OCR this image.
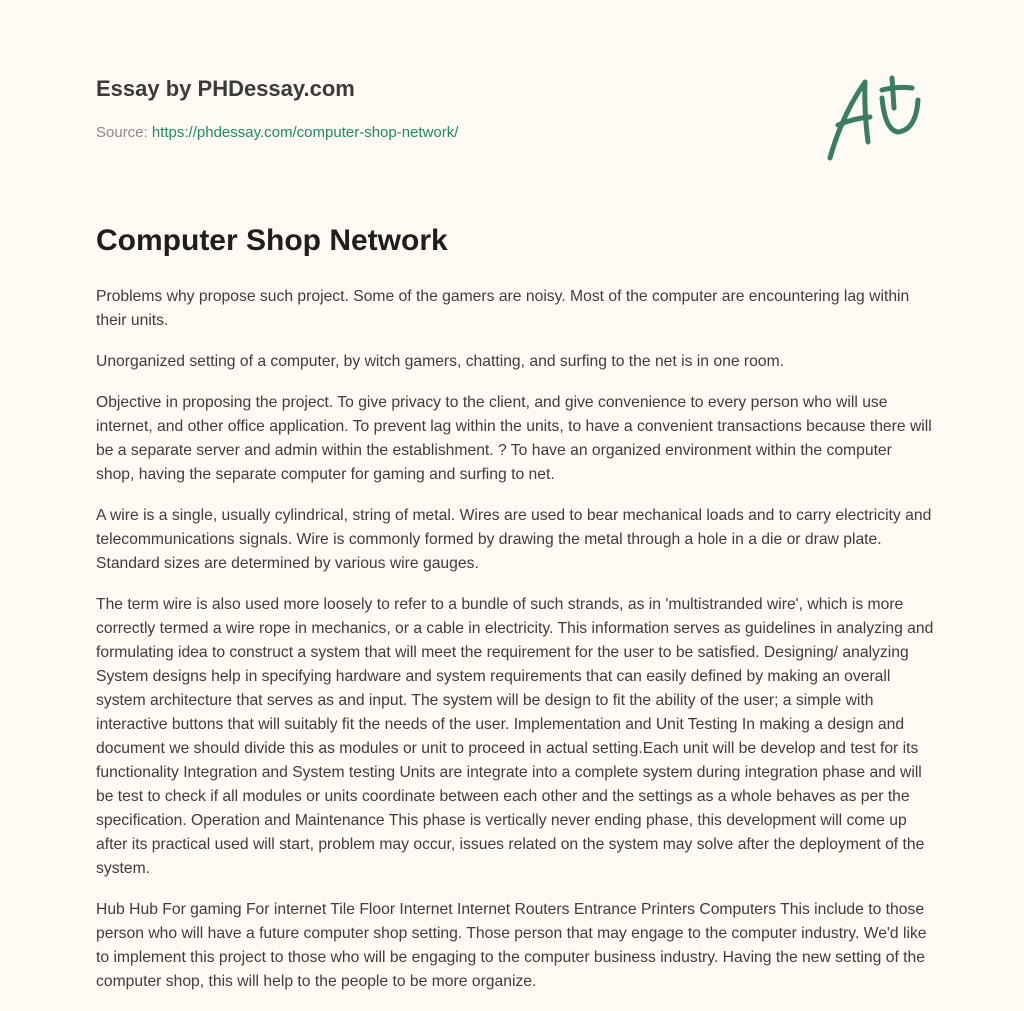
Essay by PHDessay.com
Source: https://phdessay.com/computer-shop-network/
Computer Shop Network

Problems why propose such project. Some of the gamers are noisy. Most of the computer are encountering lag within their units.

Unorganized setting of a computer, by witch gamers, chatting, and surfing to the net is in one room.

Objective in proposing the project. To give privacy to the client, and give convenience to every person who will use internet, and other office application. To prevent lag within the units, to have a convenient transactions because there will be a separate server and admin within the establishment. ? To have an organized environment within the computer shop, having the separate computer for gaming and surfing to net.

A wire is a single, usually cylindrical, string of metal. Wires are used to bear mechanical loads and to carry electricity and telecommunications signals. Wire is commonly formed by drawing the metal through a hole in a die or draw plate. Standard sizes are determined by various wire gauges.

The term wire is also used more loosely to refer to a bundle of such strands, as in 'multistranded wire', which is more correctly termed a wire rope in mechanics, or a cable in electricity. This information serves as guidelines in analyzing and formulating idea to construct a system that will meet the requirement for the user to be satisfied. Designing/ analyzing System designs help in specifying hardware and system requirements that can easily defined by making an overall system architecture that serves as and input. The system will be design to fit the ability of the user; a simple with interactive buttons that will suitably fit the needs of the user. Implementation and Unit Testing In making a design and document we should divide this as modules or unit to proceed in actual setting.Each unit will be develop and test for its functionality Integration and System testing Units are integrate into a complete system during integration phase and will be test to check if all modules or units coordinate between each other and the settings as a whole behaves as per the specification. Operation and Maintenance This phase is vertically never ending phase, this development will come up after its practical used will start, problem may occur, issues related on the system may solve after the deployment of the system.

Hub Hub For gaming For internet Tile Floor Internet Internet Routers Entrance Printers Computers This include to those person who will have a future computer shop setting. Those person that may engage to the computer industry. We'd like to implement this project to those who will be engaging to the computer business industry. Having the new setting of the computer shop, this will help to the people to be more organize.
